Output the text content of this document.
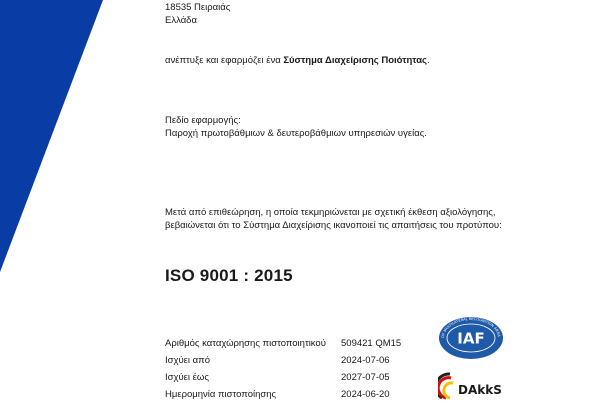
18535 Πειραιάς
Ελλάδα

ανέπτυξε και εφαρμόζει ένα Σύστημα Διαχείρισης Ποιότητας.

Πεδίο εφαρμογής:
Παροχή πρωτοβάθμιων & δευτεροβάθμιων υπηρεσιών υγείας.

Μετά από επιθεώρηση, η οποία τεκμηριώνεται με σχετική έκθεση αξιολόγησης,
βεβαιώνεται ότι το Σύστημα Διαχείρισης ικανοποιεί τις απαιτήσεις του προτύπου:

ISO 9001 : 2015
Αριθμός καταχώρησης πιστοποιητικού	509421 QM15
Ισχύει από	2024-07-06
Ισχύει έως	2027-07-05
Ημερομηνία πιστοποίησης	2024-06-20
OF MULTILATERAL RECOGNITION ARRA
IAF
DAkkS
